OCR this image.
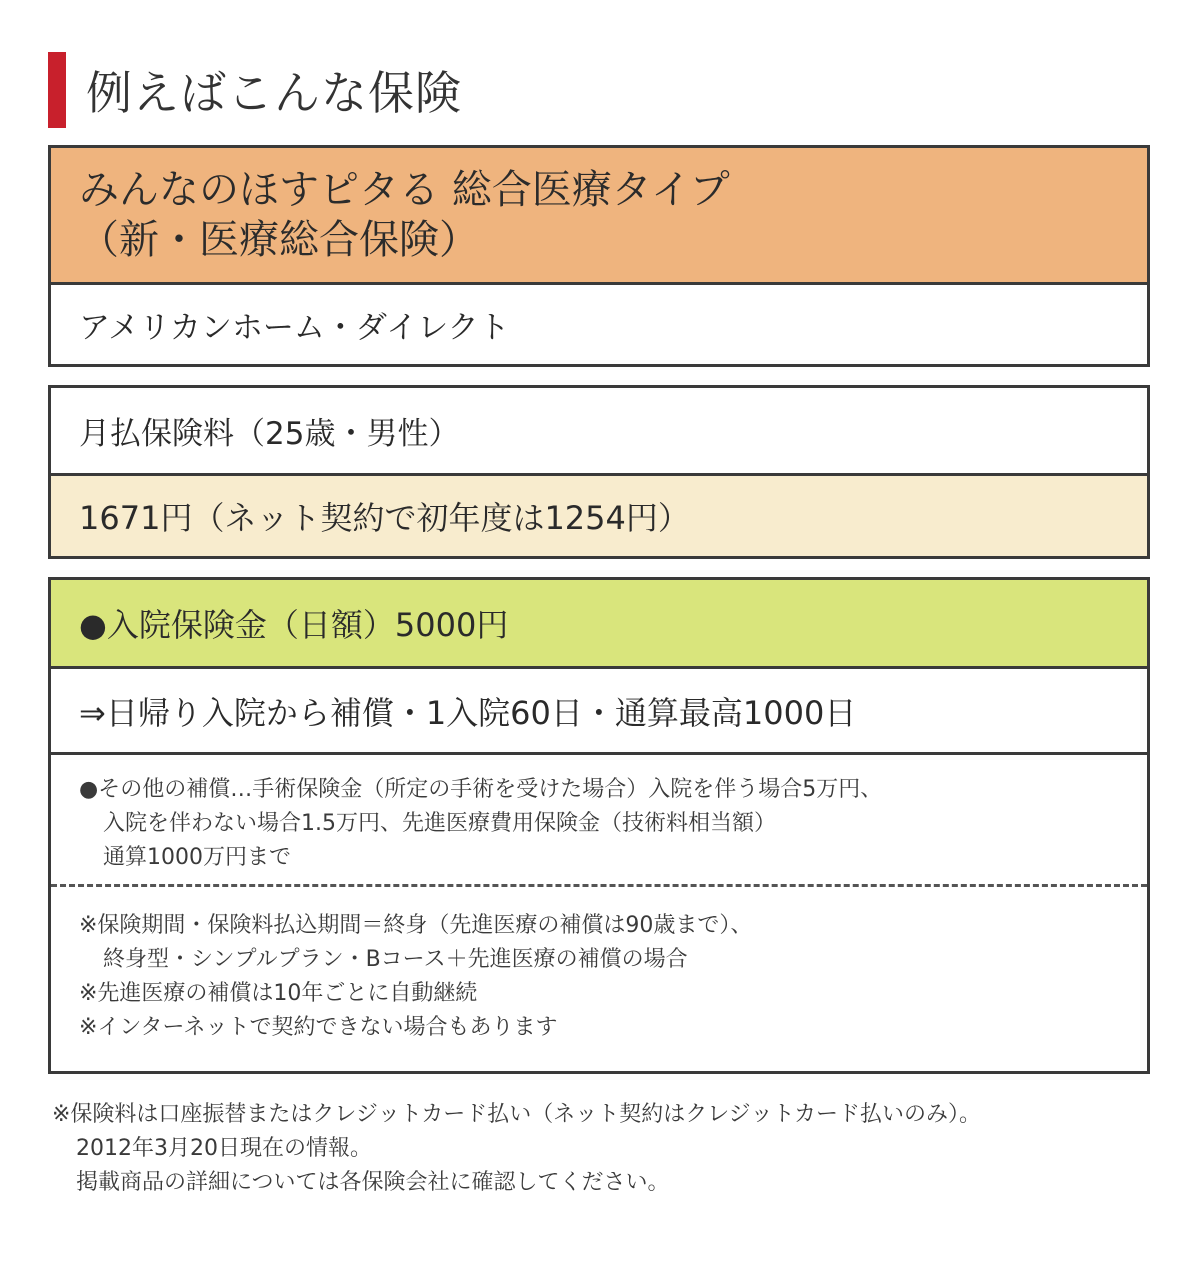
例えばこんな保険
みんなのほすピタる 総合医療タイプ
（新・医療総合保険）
アメリカンホーム・ダイレクト
月払保険料（25歳・男性）
1671円（ネット契約で初年度は1254円）
●入院保険金（日額）5000円
⇒日帰り入院から補償・1入院60日・通算最高1000日
●その他の補償…手術保険金（所定の手術を受けた場合）入院を伴う場合5万円、
入院を伴わない場合1.5万円、先進医療費用保険金（技術料相当額）
通算1000万円まで
※保険期間・保険料払込期間＝終身（先進医療の補償は90歳まで）、
終身型・シンプルプラン・Bコース＋先進医療の補償の場合
※先進医療の補償は10年ごとに自動継続
※インターネットで契約できない場合もあります
※保険料は口座振替またはクレジットカード払い（ネット契約はクレジットカード払いのみ）。
2012年3月20日現在の情報。
掲載商品の詳細については各保険会社に確認してください。
